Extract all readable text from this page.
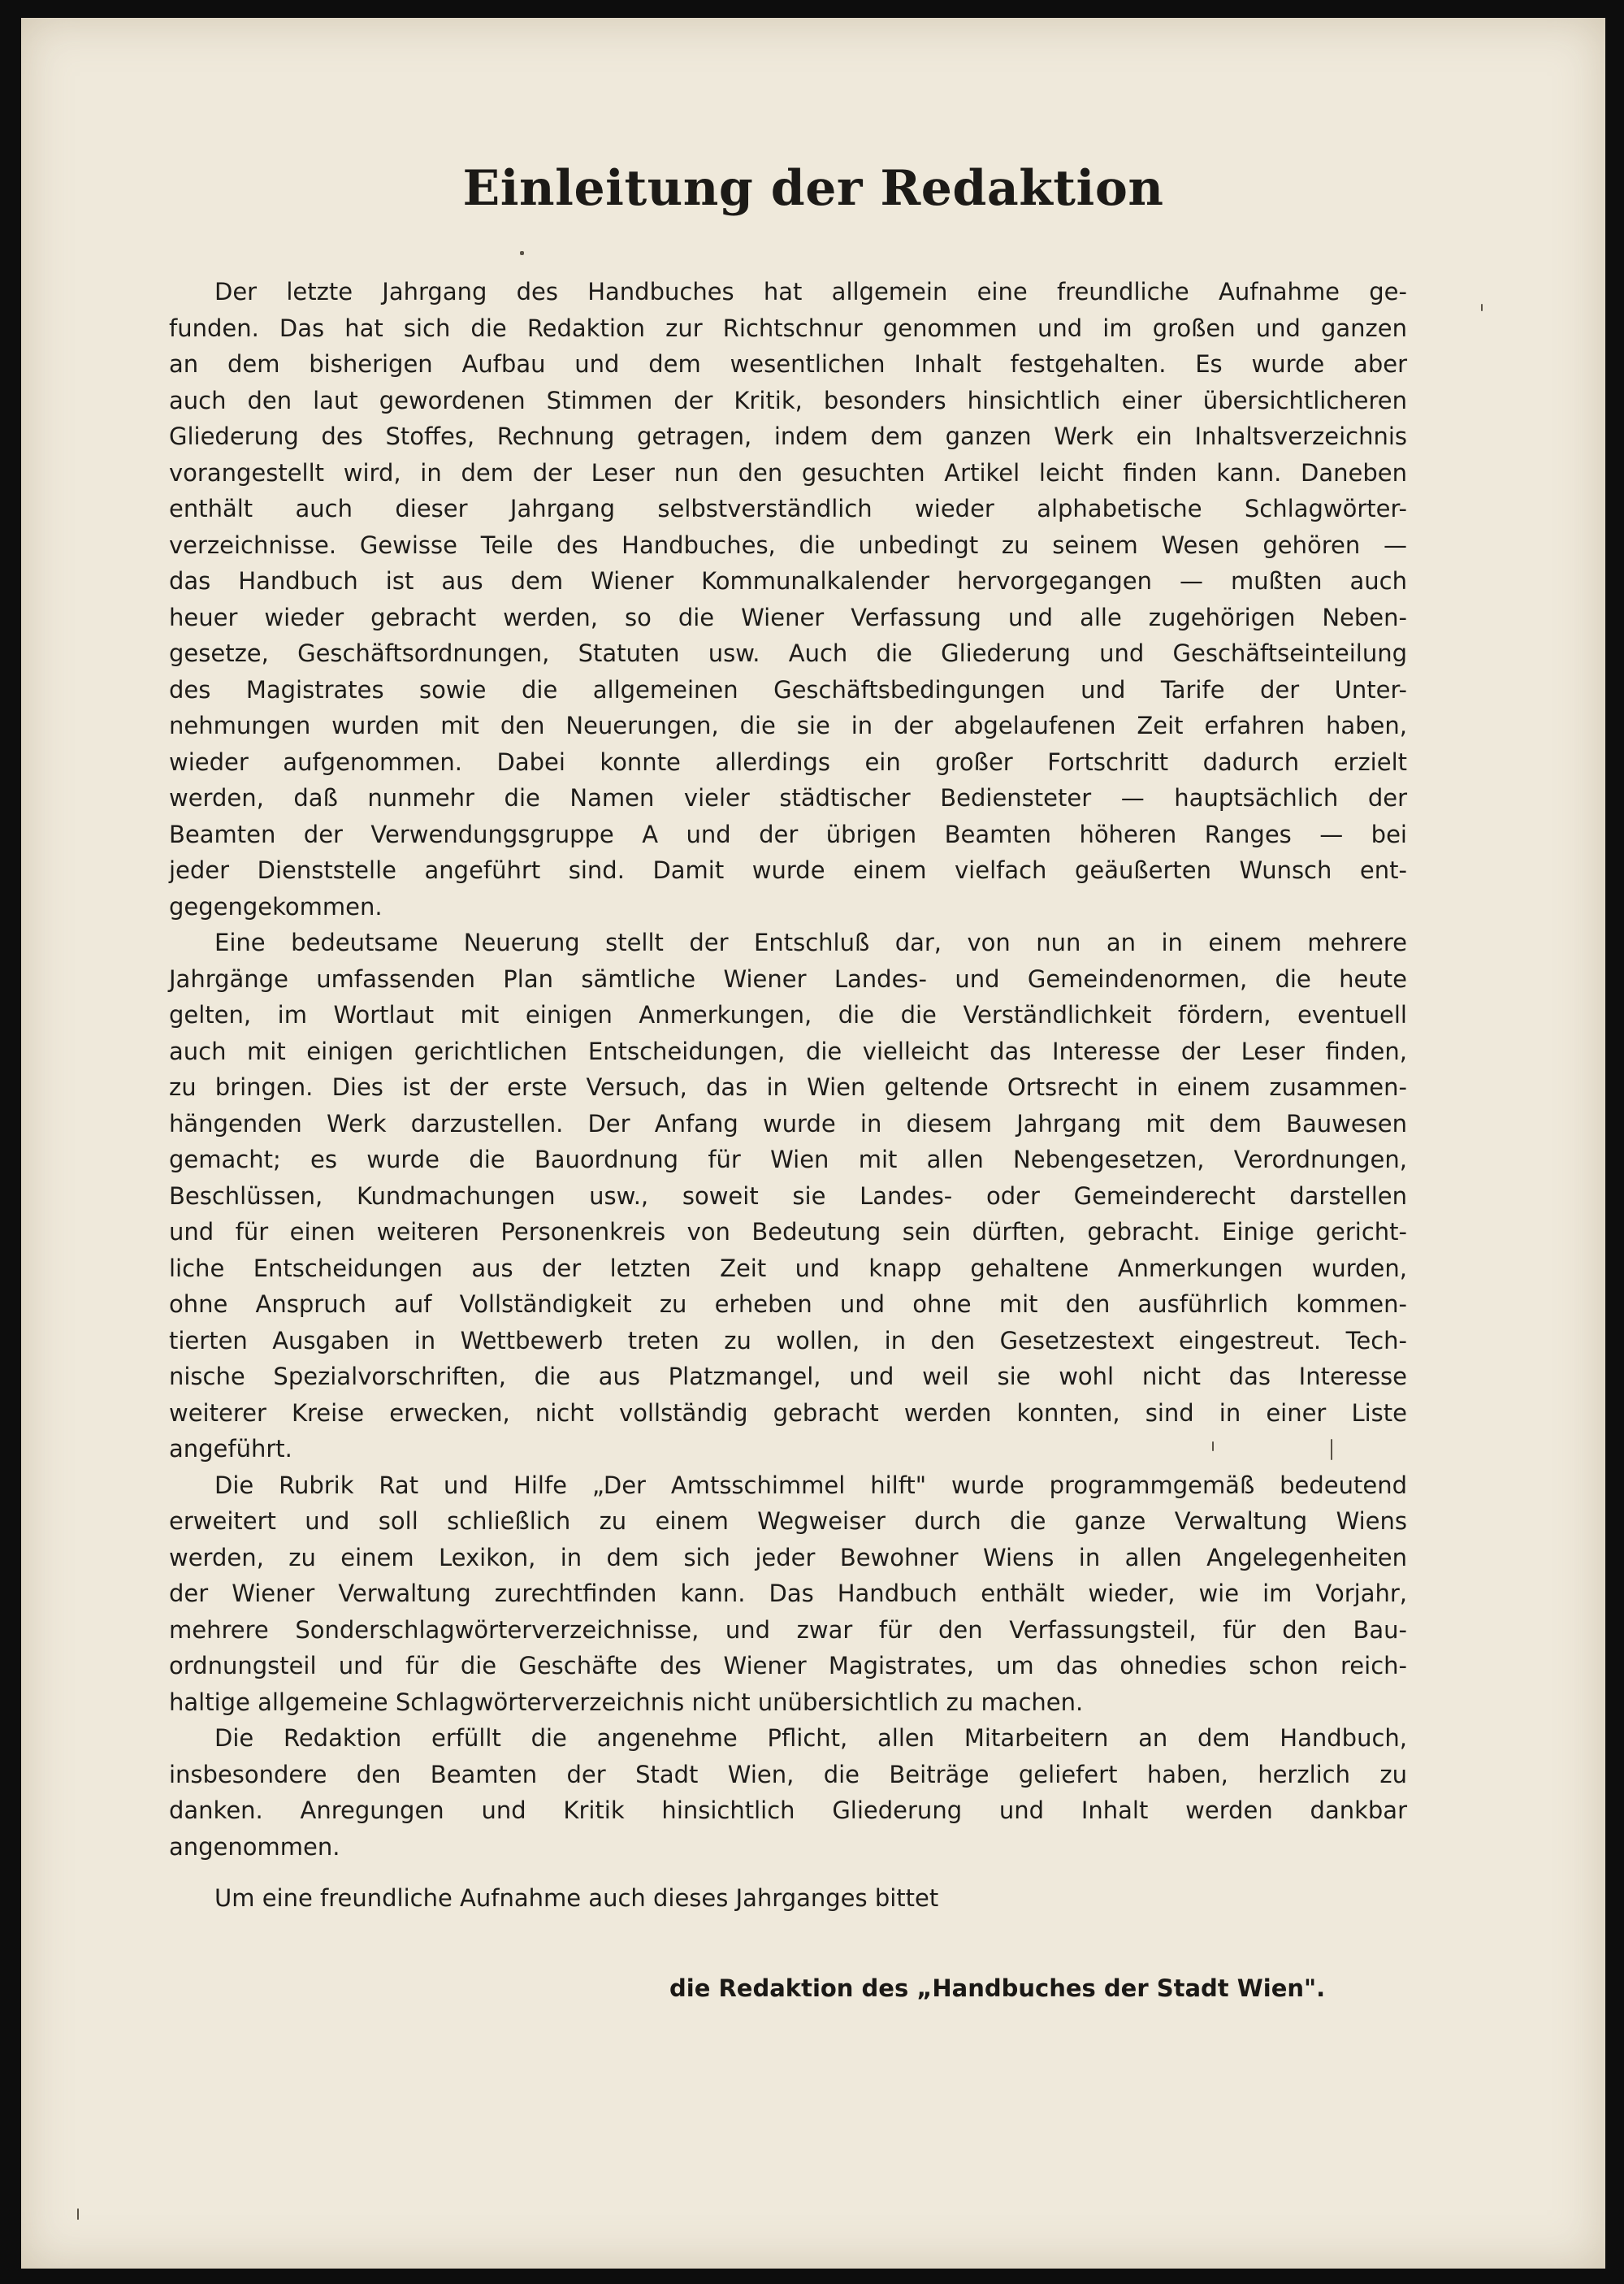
Einleitung der Redaktion
Der letzte Jahrgang des Handbuches hat allgemein eine freundliche Aufnahme ge-
funden. Das hat sich die Redaktion zur Richtschnur genommen und im großen und ganzen
an dem bisherigen Aufbau und dem wesentlichen Inhalt festgehalten. Es wurde aber
auch den laut gewordenen Stimmen der Kritik, besonders hinsichtlich einer übersichtlicheren
Gliederung des Stoffes, Rechnung getragen, indem dem ganzen Werk ein Inhaltsverzeichnis
vorangestellt wird, in dem der Leser nun den gesuchten Artikel leicht finden kann. Daneben
enthält auch dieser Jahrgang selbstverständlich wieder alphabetische Schlagwörter-
verzeichnisse. Gewisse Teile des Handbuches, die unbedingt zu seinem Wesen gehören —
das Handbuch ist aus dem Wiener Kommunalkalender hervorgegangen — mußten auch
heuer wieder gebracht werden, so die Wiener Verfassung und alle zugehörigen Neben-
gesetze, Geschäftsordnungen, Statuten usw. Auch die Gliederung und Geschäftseinteilung
des Magistrates sowie die allgemeinen Geschäftsbedingungen und Tarife der Unter-
nehmungen wurden mit den Neuerungen, die sie in der abgelaufenen Zeit erfahren haben,
wieder aufgenommen. Dabei konnte allerdings ein großer Fortschritt dadurch erzielt
werden, daß nunmehr die Namen vieler städtischer Bediensteter — hauptsächlich der
Beamten der Verwendungsgruppe A und der übrigen Beamten höheren Ranges — bei
jeder Dienststelle angeführt sind. Damit wurde einem vielfach geäußerten Wunsch ent-
gegengekommen.
Eine bedeutsame Neuerung stellt der Entschluß dar, von nun an in einem mehrere
Jahrgänge umfassenden Plan sämtliche Wiener Landes- und Gemeindenormen, die heute
gelten, im Wortlaut mit einigen Anmerkungen, die die Verständlichkeit fördern, eventuell
auch mit einigen gerichtlichen Entscheidungen, die vielleicht das Interesse der Leser finden,
zu bringen. Dies ist der erste Versuch, das in Wien geltende Ortsrecht in einem zusammen-
hängenden Werk darzustellen. Der Anfang wurde in diesem Jahrgang mit dem Bauwesen
gemacht; es wurde die Bauordnung für Wien mit allen Nebengesetzen, Verordnungen,
Beschlüssen, Kundmachungen usw., soweit sie Landes- oder Gemeinderecht darstellen
und für einen weiteren Personenkreis von Bedeutung sein dürften, gebracht. Einige gericht-
liche Entscheidungen aus der letzten Zeit und knapp gehaltene Anmerkungen wurden,
ohne Anspruch auf Vollständigkeit zu erheben und ohne mit den ausführlich kommen-
tierten Ausgaben in Wettbewerb treten zu wollen, in den Gesetzestext eingestreut. Tech-
nische Spezialvorschriften, die aus Platzmangel, und weil sie wohl nicht das Interesse
weiterer Kreise erwecken, nicht vollständig gebracht werden konnten, sind in einer Liste
angeführt.
Die Rubrik Rat und Hilfe „Der Amtsschimmel hilft" wurde programmgemäß bedeutend
erweitert und soll schließlich zu einem Wegweiser durch die ganze Verwaltung Wiens
werden, zu einem Lexikon, in dem sich jeder Bewohner Wiens in allen Angelegenheiten
der Wiener Verwaltung zurechtfinden kann. Das Handbuch enthält wieder, wie im Vorjahr,
mehrere Sonderschlagwörterverzeichnisse, und zwar für den Verfassungsteil, für den Bau-
ordnungsteil und für die Geschäfte des Wiener Magistrates, um das ohnedies schon reich-
haltige allgemeine Schlagwörterverzeichnis nicht unübersichtlich zu machen.
Die Redaktion erfüllt die angenehme Pflicht, allen Mitarbeitern an dem Handbuch,
insbesondere den Beamten der Stadt Wien, die Beiträge geliefert haben, herzlich zu
danken. Anregungen und Kritik hinsichtlich Gliederung und Inhalt werden dankbar
angenommen.
Um eine freundliche Aufnahme auch dieses Jahrganges bittet
die Redaktion des „Handbuches der Stadt Wien".
